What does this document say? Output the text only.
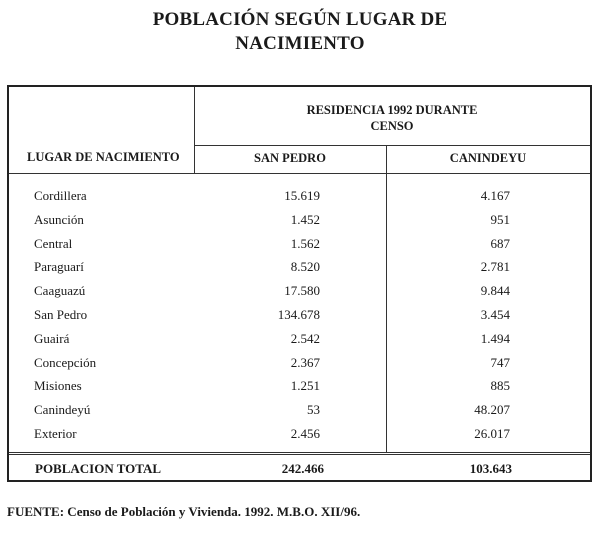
POBLACIÓN SEGÚN LUGAR DE
NACIMIENTO
RESIDENCIA 1992 DURANTE
CENSO
LUGAR DE NACIMIENTO	SAN PEDRO	CANINDEYU
Cordillera	15.619	4.167
Asunción	1.452	951
Central	1.562	687
Paraguarí	8.520	2.781
Caaguazú	17.580	9.844
San Pedro	134.678	3.454
Guairá	2.542	1.494
Concepción	2.367	747
Misiones	1.251	885
Canindeyú	53	48.207
Exterior	2.456	26.017
POBLACION TOTAL	242.466	103.643
FUENTE: Censo de Población y Vivienda. 1992. M.B.O. XII/96.
